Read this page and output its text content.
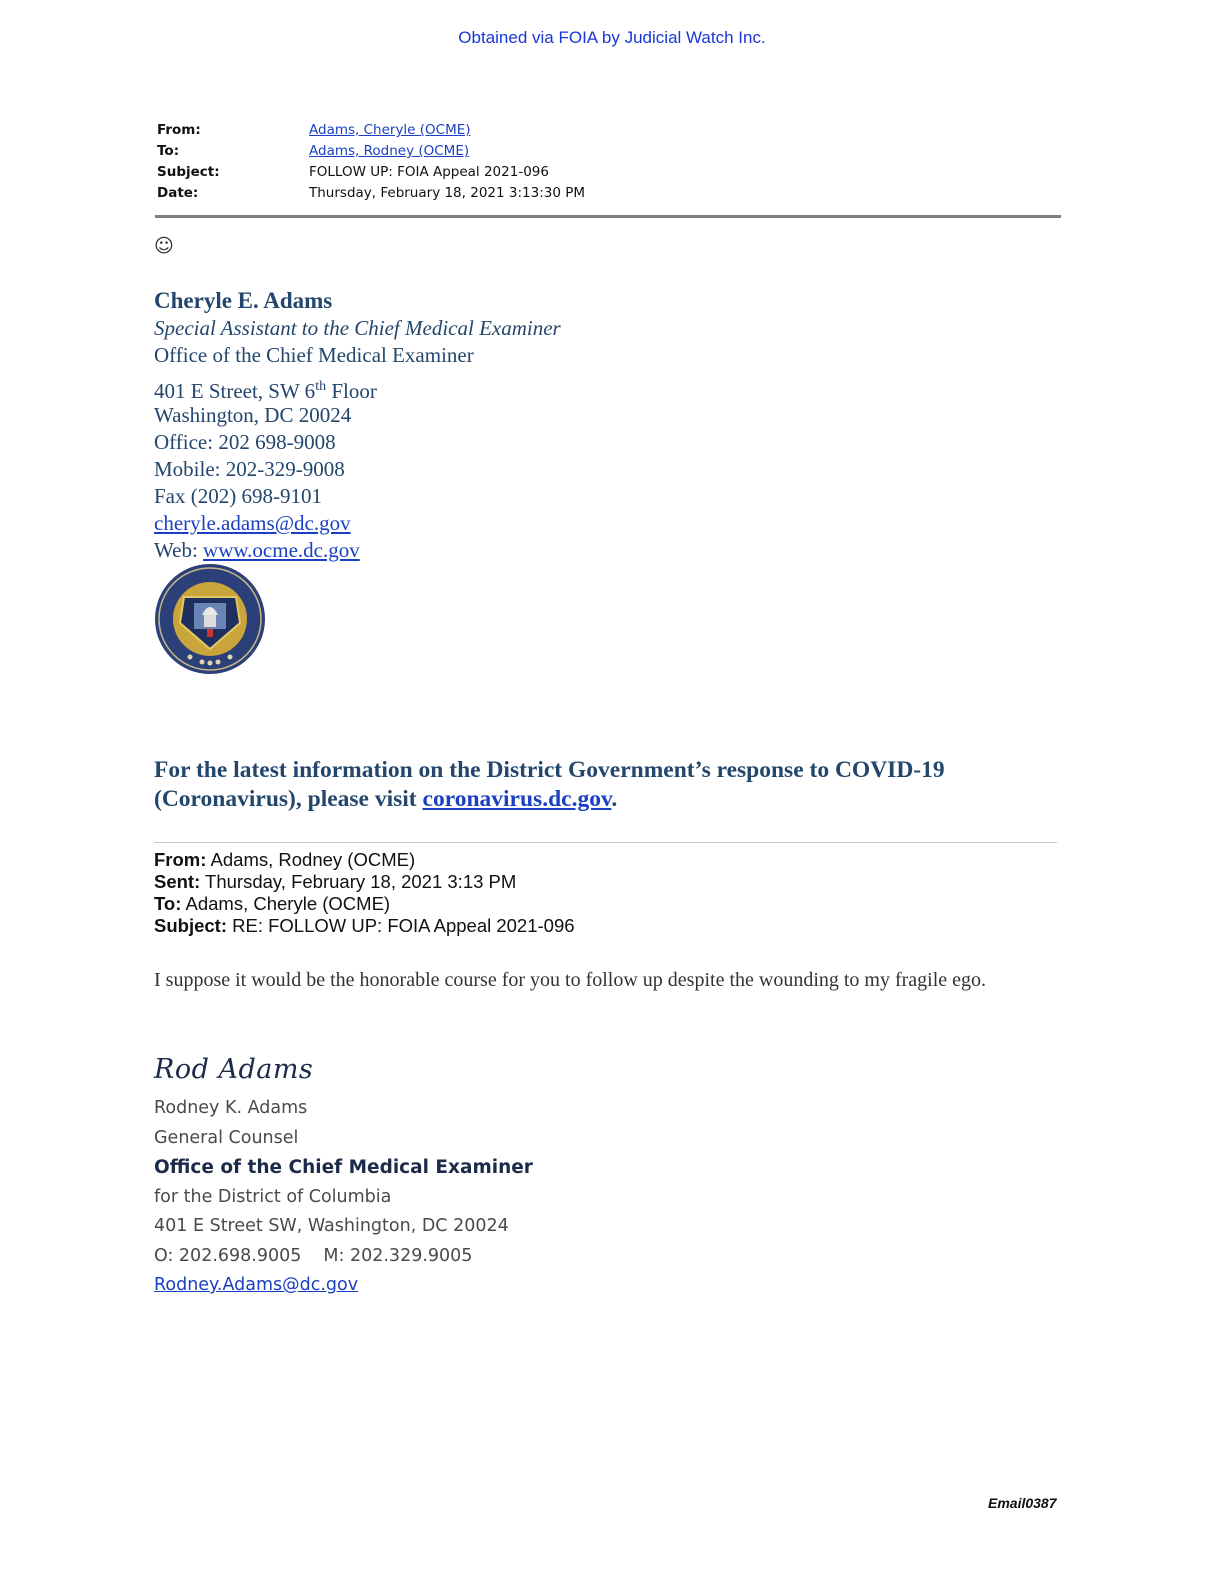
Obtained via FOIA by Judicial Watch Inc.
From:	Adams, Cheryle (OCME)
To:	Adams, Rodney (OCME)
Subject:	FOLLOW UP: FOIA Appeal 2021-096
Date:	Thursday, February 18, 2021 3:13:30 PM
☺
Cheryle E. Adams
Special Assistant to the Chief Medical Examiner
Office of the Chief Medical Examiner
401 E Street, SW 6th Floor
Washington, DC 20024
Office: 202 698-9008
Mobile: 202-329-9008
Fax (202) 698-9101
cheryle.adams@dc.gov
Web: www.ocme.dc.gov
For the latest information on the District Government’s response to COVID-19 (Coronavirus), please visit coronavirus.dc.gov.
From: Adams, Rodney (OCME)
Sent: Thursday, February 18, 2021 3:13 PM
To: Adams, Cheryle (OCME)
Subject: RE: FOLLOW UP: FOIA Appeal 2021-096
I suppose it would be the honorable course for you to follow up despite the wounding to my fragile ego.
Rod Adams
Rodney K. Adams
General Counsel
Office of the Chief Medical Examiner
for the District of Columbia
401 E Street SW, Washington, DC 20024
O: 202.698.9005 M: 202.329.9005
Rodney.Adams@dc.gov
Email0387
